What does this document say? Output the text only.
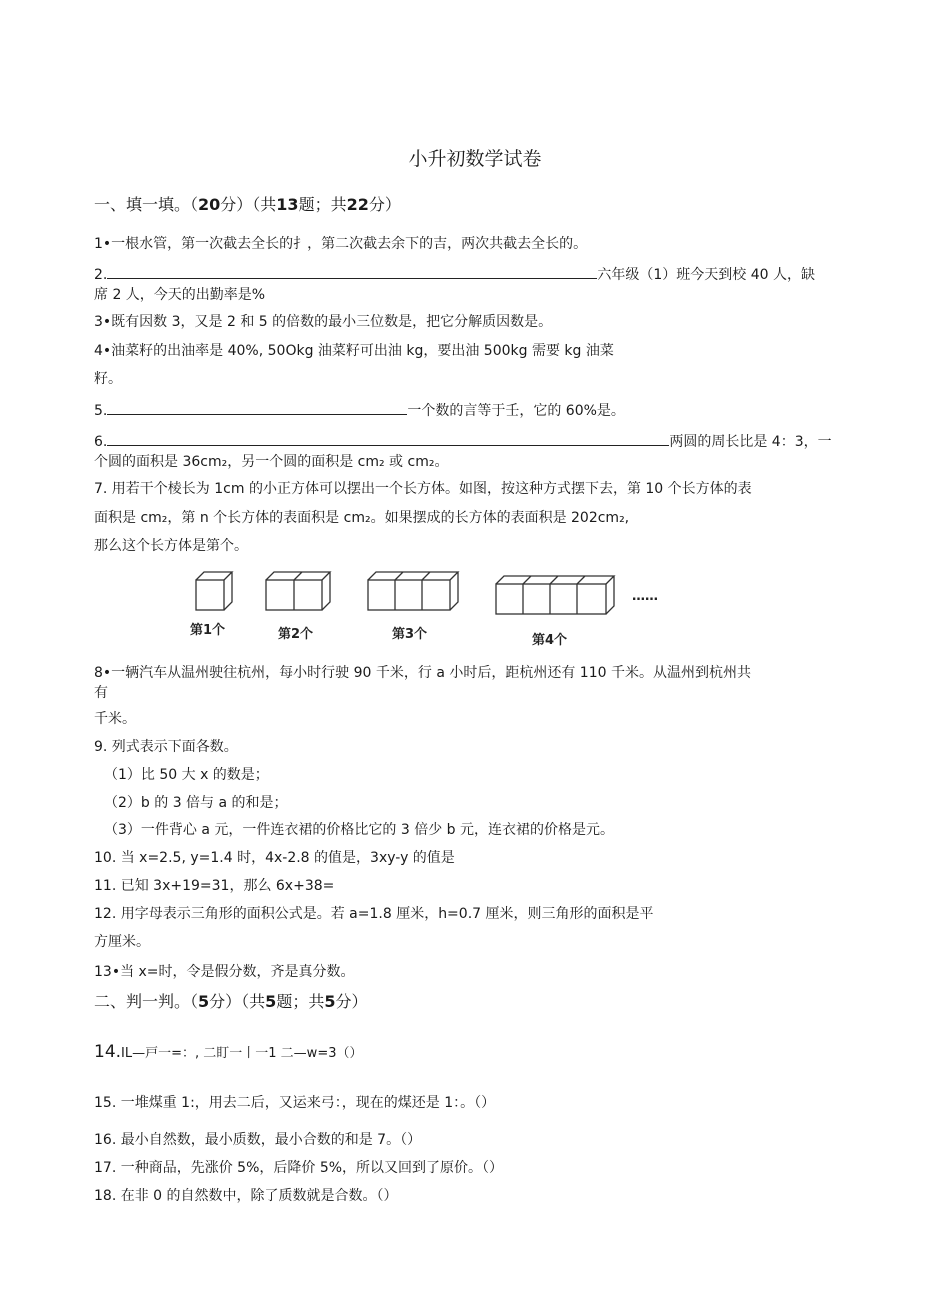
小升初数学试卷
一、填一填。（20分）（共13题；共22分）
1•一根水管，第一次截去全长的扌，第二次截去余下的吉，两次共截去全长的。
2.	六年级（1）班今天到校 40 人，缺
席 2 人，今天的出勤率是%
3•既有因数 3，又是 2 和 5 的倍数的最小三位数是，把它分解质因数是。
4•油菜籽的出油率是 40%, 50Okg 油菜籽可出油 kg，要出油 500kg 需要 kg 油菜
籽。
5.	一个数的言等于壬，它的 60%是。
6.	两圆的周长比是 4：3，一
个圆的面积是 36cm₂，另一个圆的面积是 cm₂ 或 cm₂。
7. 用若干个棱长为 1cm 的小正方体可以摆出一个长方体。如图，按这种方式摆下去，第 10 个长方体的表
面积是 cm₂，第 n 个长方体的表面积是 cm₂。如果摆成的长方体的表面积是 202cm₂,
那么这个长方体是第个。
第1个	第2个	第3个	第4个
……
8•一辆汽车从温州驶往杭州，每小时行驶 90 千米，行 a 小时后，距杭州还有 110 千米。从温州到杭州共
有
千米。
9. 列式表示下面各数。
（1）比 50 大 x 的数是；
（2）b 的 3 倍与 a 的和是；
（3）一件背心 a 元，一件连衣裙的价格比它的 3 倍少 b 元，连衣裙的价格是元。
10. 当 x=2.5, y=1.4 时，4x-2.8 的值是，3xy-y 的值是
11. 已知 3x+19=31，那么 6x+38=
12. 用字母表示三角形的面积公式是。若 a=1.8 厘米，h=0.7 厘米，则三角形的面积是平
方厘米。
13•当 x=时，令是假分数，齐是真分数。
二、判一判。（5分）（共5题；共5分）
14.IL—戸一=：, 二盯一丨一1 二—w=3（）
15. 一堆煤重 1:，用去二后，又运来弓：，现在的煤还是 1：。（）
16. 最小自然数，最小质数，最小合数的和是 7。（）
17. 一种商品，先涨价 5%，后降价 5%，所以又回到了原价。（）
18. 在非 0 的自然数中，除了质数就是合数。（）
